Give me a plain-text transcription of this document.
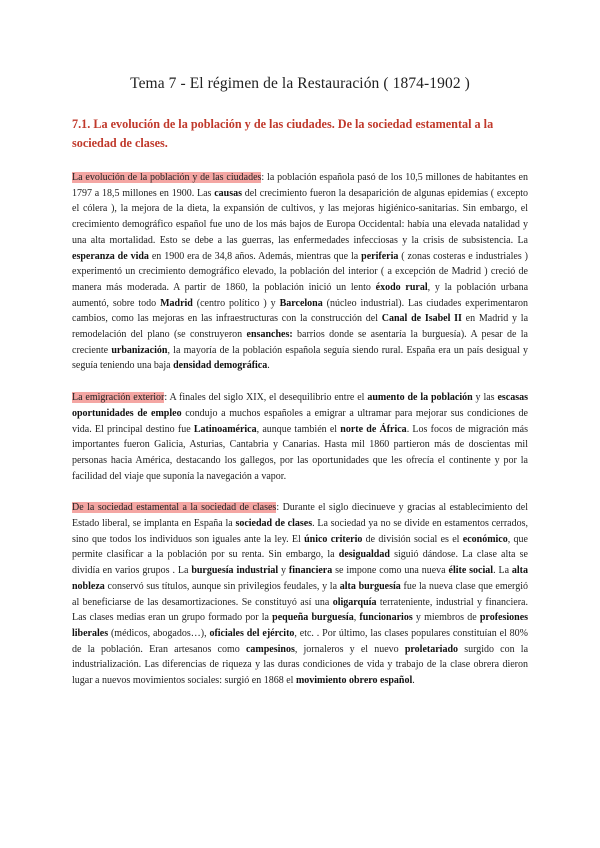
Tema 7 - El régimen de la Restauración ( 1874-1902 )
7.1. La evolución de la población y de las ciudades. De la sociedad estamental a la sociedad de clases.

La evolución de la población y de las ciudades: la población española pasó de los 10,5 millones de habitantes en 1797 a 18,5 millones en 1900. Las causas del crecimiento fueron la desaparición de algunas epidemias ( excepto el cólera ), la mejora de la dieta, la expansión de cultivos, y las mejoras higiénico-sanitarias. Sin embargo, el crecimiento demográfico español fue uno de los más bajos de Europa Occidental: había una elevada natalidad y una alta mortalidad. Esto se debe a las guerras, las enfermedades infecciosas y la crisis de subsistencia. La esperanza de vida en 1900 era de 34,8 años. Además, mientras que la periferia ( zonas costeras e industriales ) experimentó un crecimiento demográfico elevado, la población del interior ( a excepción de Madrid ) creció de manera más moderada. A partir de 1860, la población inició un lento éxodo rural, y la población urbana aumentó, sobre todo Madrid (centro político ) y Barcelona (núcleo industrial). Las ciudades experimentaron cambios, como las mejoras en las infraestructuras con la construcción del Canal de Isabel II en Madrid y la remodelación del plano (se construyeron ensanches: barrios donde se asentaría la burguesía). A pesar de la creciente urbanización, la mayoría de la población española seguía siendo rural. España era un país desigual y seguía teniendo una baja densidad demográfica.

La emigración exterior: A finales del siglo XIX, el desequilibrio entre el aumento de la población y las escasas oportunidades de empleo condujo a muchos españoles a emigrar a ultramar para mejorar sus condiciones de vida. El principal destino fue Latinoamérica, aunque también el norte de África. Los focos de migración más importantes fueron Galicia, Asturias, Cantabria y Canarias. Hasta mil 1860 partieron más de doscientas mil personas hacia América, destacando los gallegos, por las oportunidades que les ofrecía el continente y por la facilidad del viaje que suponía la navegación a vapor.

De la sociedad estamental a la sociedad de clases: Durante el siglo diecinueve y gracias al establecimiento del Estado liberal, se implanta en España la sociedad de clases. La sociedad ya no se divide en estamentos cerrados, sino que todos los individuos son iguales ante la ley. El único criterio de división social es el económico, que permite clasificar a la población por su renta. Sin embargo, la desigualdad siguió dándose. La clase alta se dividía en varios grupos . La burguesía industrial y financiera se impone como una nueva élite social. La alta nobleza conservó sus títulos, aunque sin privilegios feudales, y la alta burguesía fue la nueva clase que emergió al beneficiarse de las desamortizaciones. Se constituyó así una oligarquía terrateniente, industrial y financiera. Las clases medias eran un grupo formado por la pequeña burguesía, funcionarios y miembros de profesiones liberales (médicos, abogados…), oficiales del ejército, etc. . Por último, las clases populares constituían el 80% de la población. Eran artesanos como campesinos, jornaleros y el nuevo proletariado surgido con la industrialización. Las diferencias de riqueza y las duras condiciones de vida y trabajo de la clase obrera dieron lugar a nuevos movimientos sociales: surgió en 1868 el movimiento obrero español.
